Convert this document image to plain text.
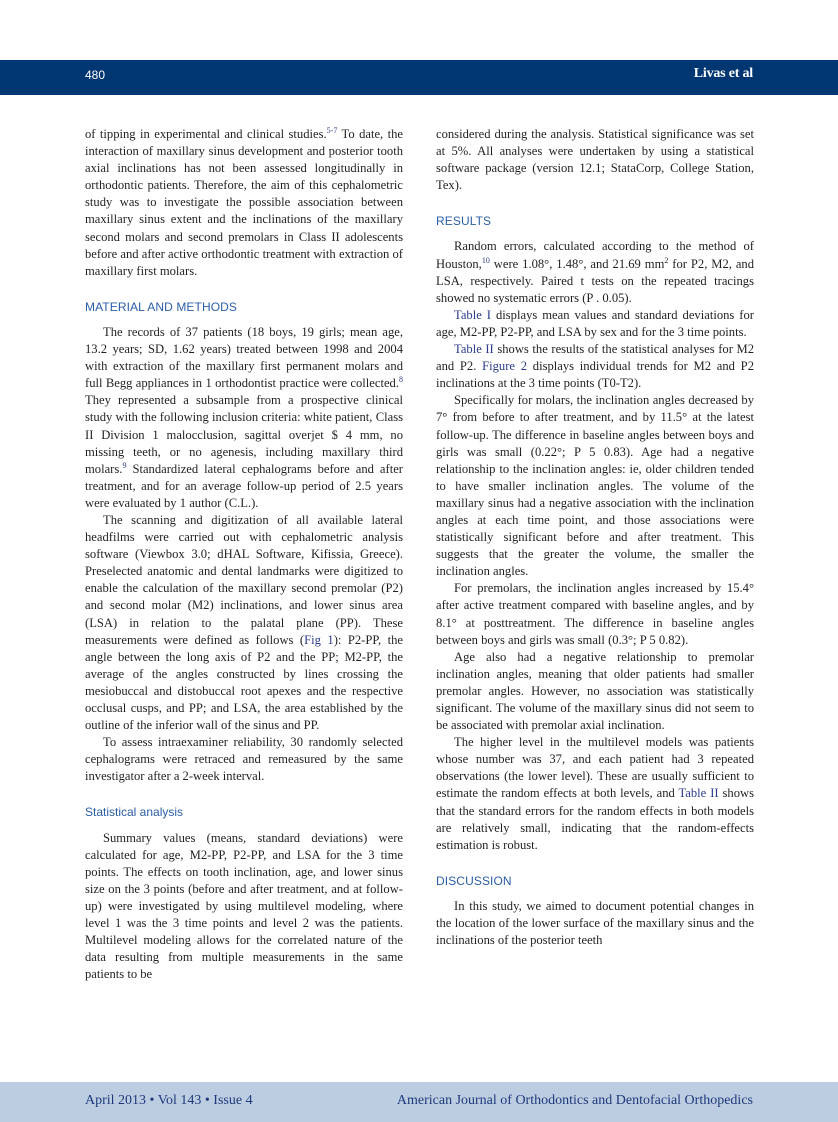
480	Livas et al

of tipping in experimental and clinical studies.$^{5-7}$ To date, the interaction of maxillary sinus development and posterior tooth axial inclinations has not been assessed longitudinally in orthodontic patients. Therefore, the aim of this cephalometric study was to investigate the possible association between maxillary sinus extent and the inclinations of the maxillary second molars and second premolars in Class II adolescents before and after active orthodontic treatment with extraction of maxillary first molars.

MATERIAL AND METHODS

The records of 37 patients (18 boys, 19 girls; mean age, 13.2 years; SD, 1.62 years) treated between 1998 and 2004 with extraction of the maxillary first permanent molars and full Begg appliances in 1 orthodontist practice were collected.$^8$ They represented a subsample from a prospective clinical study with the following inclusion criteria: white patient, Class II Division 1 malocclusion, sagittal overjet $ 4 mm, no missing teeth, or no agenesis, including maxillary third molars.$^9$ Standardized lateral cephalograms before and after treatment, and for an average follow-up period of 2.5 years were evaluated by 1 author (C.L.).

The scanning and digitization of all available lateral headfilms were carried out with cephalometric analysis software (Viewbox 3.0; dHAL Software, Kifissia, Greece). Preselected anatomic and dental landmarks were digitized to enable the calculation of the maxillary second premolar (P2) and second molar (M2) inclinations, and lower sinus area (LSA) in relation to the palatal plane (PP). These measurements were defined as follows (Fig 1): P2-PP, the angle between the long axis of P2 and the PP; M2-PP, the average of the angles constructed by lines crossing the mesiobuccal and distobuccal root apexes and the respective occlusal cusps, and PP; and LSA, the area established by the outline of the inferior wall of the sinus and PP.

To assess intraexaminer reliability, 30 randomly selected cephalograms were retraced and remeasured by the same investigator after a 2-week interval.

Statistical analysis

Summary values (means, standard deviations) were calculated for age, M2-PP, P2-PP, and LSA for the 3 time points. The effects on tooth inclination, age, and lower sinus size on the 3 points (before and after treatment, and at follow-up) were investigated by using multilevel modeling, where level 1 was the 3 time points and level 2 was the patients. Multilevel modeling allows for the correlated nature of the data resulting from multiple measurements in the same patients to be

considered during the analysis. Statistical significance was set at 5%. All analyses were undertaken by using a statistical software package (version 12.1; StataCorp, College Station, Tex).

RESULTS

Random errors, calculated according to the method of Houston,$^{10}$ were 1.08°, 1.48°, and 21.69 $mm^2$ for P2, M2, and LSA, respectively. Paired t tests on the repeated tracings showed no systematic errors (P . 0.05).

Table I displays mean values and standard deviations for age, M2-PP, P2-PP, and LSA by sex and for the 3 time points.

Table II shows the results of the statistical analyses for M2 and P2. Figure 2 displays individual trends for M2 and P2 inclinations at the 3 time points (T0-T2).

Specifically for molars, the inclination angles decreased by 7° from before to after treatment, and by 11.5° at the latest follow-up. The difference in baseline angles between boys and girls was small (0.22°; P 5 0.83). Age had a negative relationship to the inclination angles: ie, older children tended to have smaller inclination angles. The volume of the maxillary sinus had a negative association with the inclination angles at each time point, and those associations were statistically significant before and after treatment. This suggests that the greater the volume, the smaller the inclination angles.

For premolars, the inclination angles increased by 15.4° after active treatment compared with baseline angles, and by 8.1° at posttreatment. The difference in baseline angles between boys and girls was small (0.3°; P 5 0.82).

Age also had a negative relationship to premolar inclination angles, meaning that older patients had smaller premolar angles. However, no association was statistically significant. The volume of the maxillary sinus did not seem to be associated with premolar axial inclination.

The higher level in the multilevel models was patients whose number was 37, and each patient had 3 repeated observations (the lower level). These are usually sufficient to estimate the random effects at both levels, and Table II shows that the standard errors for the random effects in both models are relatively small, indicating that the random-effects estimation is robust.

DISCUSSION

In this study, we aimed to document potential changes in the location of the lower surface of the maxillary sinus and the inclinations of the posterior teeth

April 2013 • Vol 143 • Issue 4	American Journal of Orthodontics and Dentofacial Orthopedics
